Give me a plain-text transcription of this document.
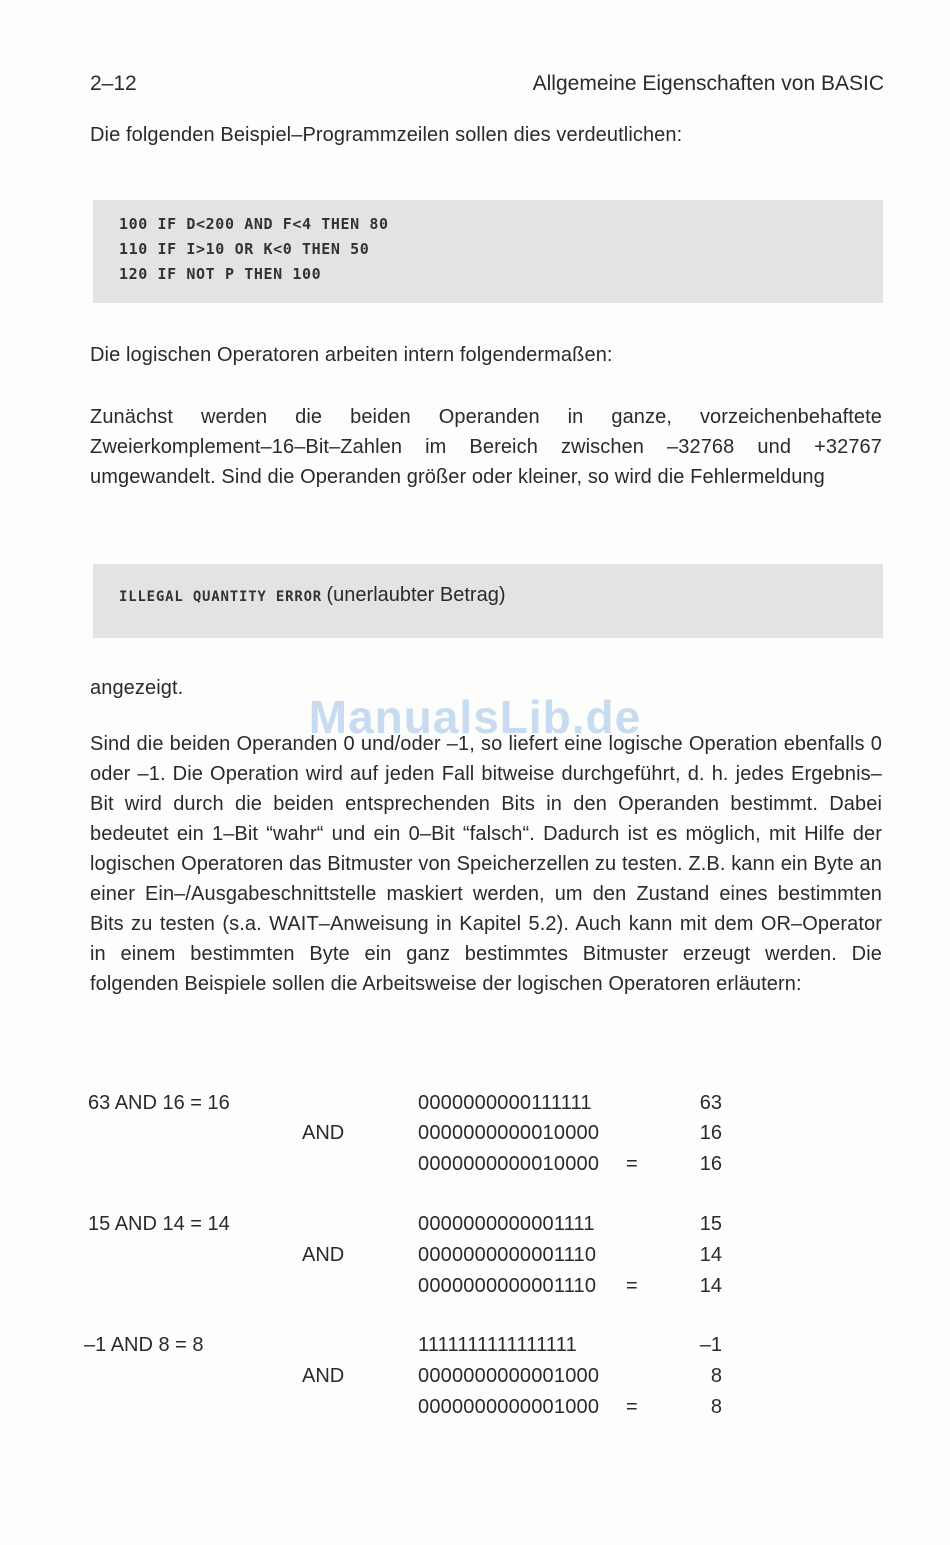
2–12	Allgemeine Eigenschaften von BASIC
Die folgenden Beispiel–Programmzeilen sollen dies verdeutlichen:
100 IF D<200 AND F<4 THEN 80
110 IF I>10 OR K<0 THEN 50
120 IF NOT P THEN 100
Die logischen Operatoren arbeiten intern folgendermaßen:
Zunächst werden die beiden Operanden in ganze, vorzeichenbehaftete Zweierkomplement–16–Bit–Zahlen im Bereich zwischen –32768 und +32767 umgewandelt. Sind die Operanden größer oder kleiner, so wird die Fehlermeldung
ILLEGAL QUANTITY ERROR (unerlaubter Betrag)
angezeigt.
Sind die beiden Operanden 0 und/oder –1, so liefert eine logische Operation ebenfalls 0 oder –1. Die Operation wird auf jeden Fall bitweise durchgeführt, d. h. jedes Ergebnis–Bit wird durch die beiden entsprechenden Bits in den Operanden bestimmt. Dabei bedeutet ein 1–Bit “wahr“ und ein 0–Bit “falsch“. Dadurch ist es möglich, mit Hilfe der logischen Operatoren das Bitmuster von Speicherzellen zu testen. Z.B. kann ein Byte an einer Ein–/Ausgabeschnittstelle maskiert werden, um den Zustand eines bestimmten Bits zu testen (s.a. WAIT–Anweisung in Kapitel 5.2). Auch kann mit dem OR–Operator in einem bestimmten Byte ein ganz bestimmtes Bitmuster erzeugt werden. Die folgenden Beispiele sollen die Arbeitsweise der logischen Operatoren erläutern:
ManualsLib.de
63 AND 16 = 16	0000000000111111	63
AND	0000000000010000	16
0000000000010000 =	16
15 AND 14 = 14	0000000000001111	15
AND	0000000000001110	14
0000000000001110 =	14
–1 AND 8 = 8	1111111111111111	–1
AND	0000000000001000	8
0000000000001000 =	8
